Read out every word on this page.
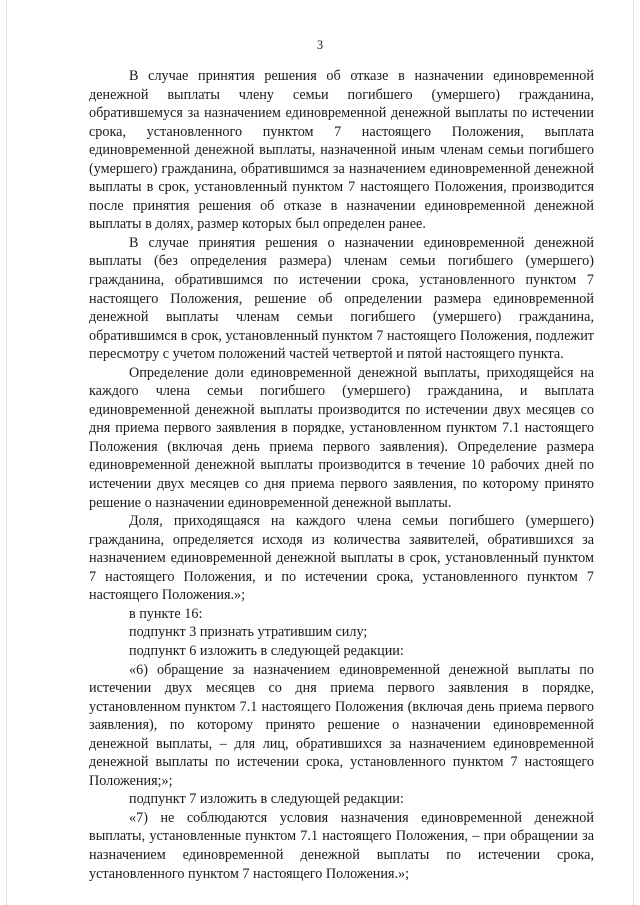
3

В случае принятия решения об отказе в назначении единовременной денежной выплаты члену семьи погибшего (умершего) гражданина, обратившемуся за назначением единовременной денежной выплаты по истечении срока, установленного пунктом 7 настоящего Положения, выплата единовременной денежной выплаты, назначенной иным членам семьи погибшего (умершего) гражданина, обратившимся за назначением единовременной денежной выплаты в срок, установленный пунктом 7 настоящего Положения, производится после принятия решения об отказе в назначении единовременной денежной выплаты в долях, размер которых был определен ранее.

В случае принятия решения о назначении единовременной денежной выплаты (без определения размера) членам семьи погибшего (умершего) гражданина, обратившимся по истечении срока, установленного пунктом 7 настоящего Положения, решение об определении размера единовременной денежной выплаты членам семьи погибшего (умершего) гражданина, обратившимся в срок, установленный пунктом 7 настоящего Положения, подлежит пересмотру с учетом положений частей четвертой и пятой настоящего пункта.

Определение доли единовременной денежной выплаты, приходящейся на каждого члена семьи погибшего (умершего) гражданина, и выплата единовременной денежной выплаты производится по истечении двух месяцев со дня приема первого заявления в порядке, установленном пунктом 7.1 настоящего Положения (включая день приема первого заявления). Определение размера единовременной денежной выплаты производится в течение 10 рабочих дней по истечении двух месяцев со дня приема первого заявления, по которому принято решение о назначении единовременной денежной выплаты.

Доля, приходящаяся на каждого члена семьи погибшего (умершего) гражданина, определяется исходя из количества заявителей, обратившихся за назначением единовременной денежной выплаты в срок, установленный пунктом 7 настоящего Положения, и по истечении срока, установленного пунктом 7 настоящего Положения.»;

в пункте 16:

подпункт 3 признать утратившим силу;

подпункт 6 изложить в следующей редакции:

«6) обращение за назначением единовременной денежной выплаты по истечении двух месяцев со дня приема первого заявления в порядке, установленном пунктом 7.1 настоящего Положения (включая день приема первого заявления), по которому принято решение о назначении единовременной денежной выплаты, – для лиц, обратившихся за назначением единовременной денежной выплаты по истечении срока, установленного пунктом 7 настоящего Положения;»;

подпункт 7 изложить в следующей редакции:

«7) не соблюдаются условия назначения единовременной денежной выплаты, установленные пунктом 7.1 настоящего Положения, – при обращении за назначением единовременной денежной выплаты по истечении срока, установленного пунктом 7 настоящего Положения.»;
